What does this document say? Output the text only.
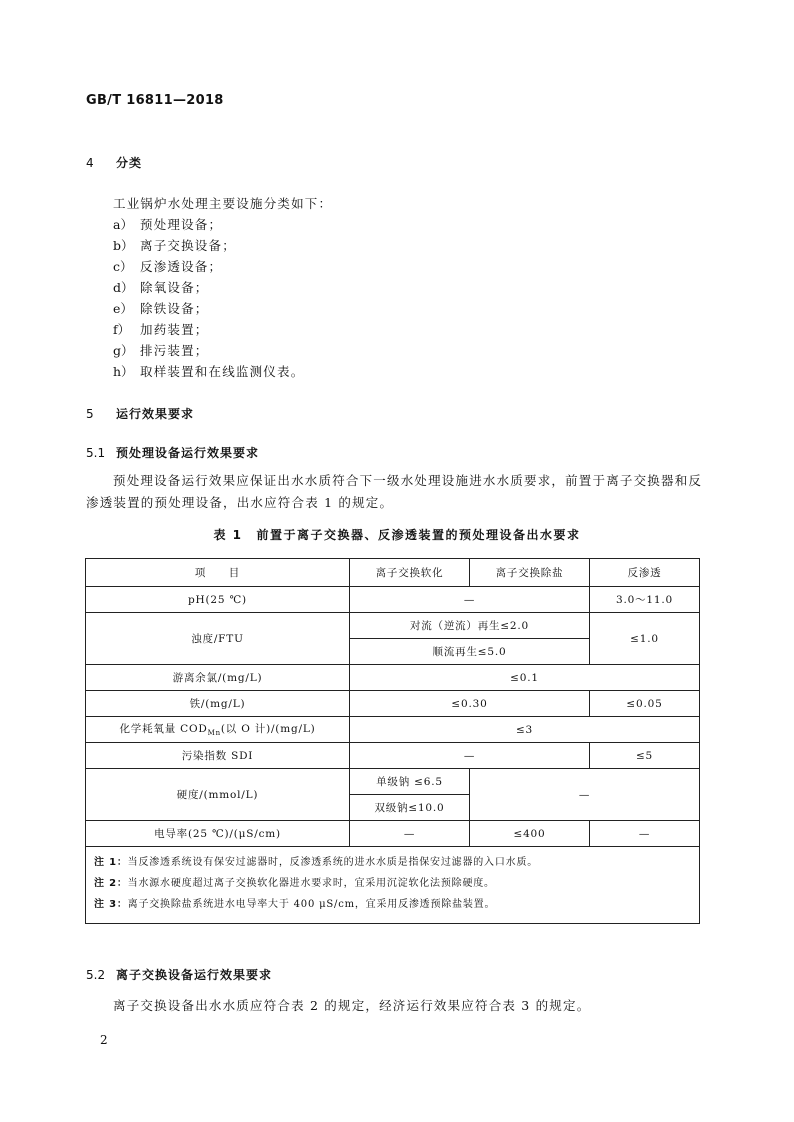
GB/T 16811—2018
4 分类
工业锅炉水处理主要设施分类如下：
a） 预处理设备；
b） 离子交换设备；
c） 反渗透设备；
d） 除氧设备；
e） 除铁设备；
f） 加药装置；
g） 排污装置；
h） 取样装置和在线监测仪表。
5 运行效果要求
5.1 预处理设备运行效果要求
预处理设备运行效果应保证出水水质符合下一级水处理设施进水水质要求，前置于离子交换器和反渗透装置的预处理设备，出水应符合表 1 的规定。
表 1 前置于离子交换器、反渗透装置的预处理设备出水要求
项　　目	离子交换软化	离子交换除盐	反渗透
pH(25 ℃)	—		3.0～11.0
浊度/FTU	对流（逆流）再生≤2.0		≤1.0
	顺流再生≤5.0		
游离余氯/(mg/L)	≤0.1		
铁/(mg/L)	≤0.30		≤0.05
化学耗氧量 $COD_{Mn}$(以 O 计)/(mg/L)	≤3		
污染指数 SDI	—		≤5
硬度/(mmol/L)	单级钠 ≤6.5	—	
	双级钠≤10.0		
电导率(25 ℃)/(μS/cm)	—	≤400	—

注 1：当反渗透系统设有保安过滤器时，反渗透系统的进水水质是指保安过滤器的入口水质。
注 2：当水源水硬度超过离子交换软化器进水要求时，宜采用沉淀软化法预除硬度。
注 3：离子交换除盐系统进水电导率大于 400 μS/cm，宜采用反渗透预除盐装置。			
5.2 离子交换设备运行效果要求
离子交换设备出水水质应符合表 2 的规定，经济运行效果应符合表 3 的规定。
2
